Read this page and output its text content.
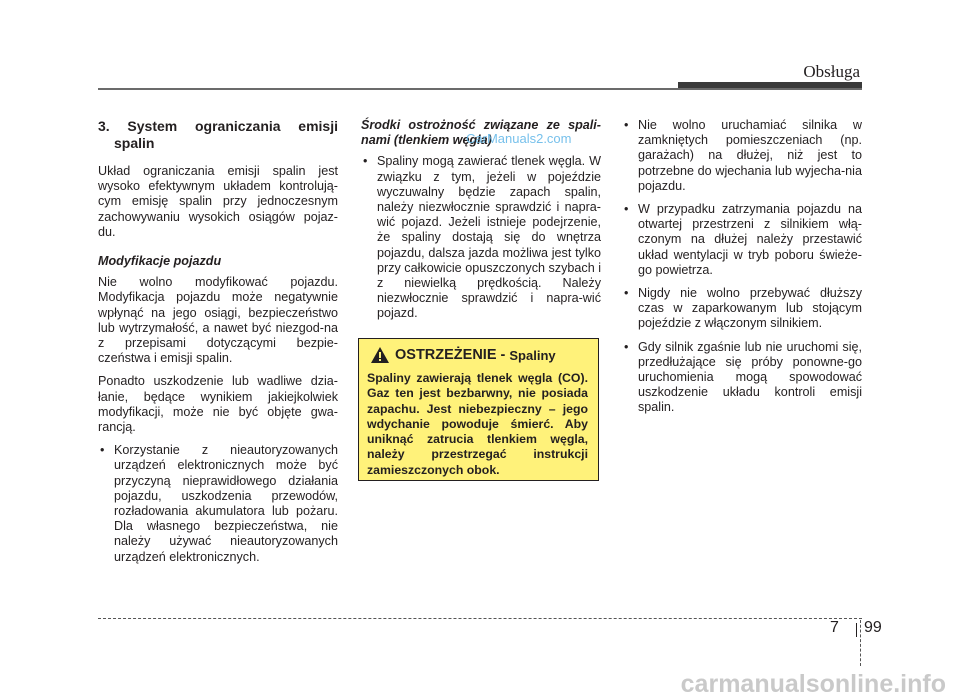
Obsługa

3. System ograniczania emisji spalin

Układ ograniczania emisji spalin jest wysoko efektywnym układem kontrolują-cym emisję spalin przy jednoczesnym zachowywaniu wysokich osiągów pojaz-du.

Modyfikacje pojazdu

Nie wolno modyfikować pojazdu. Modyfikacja pojazdu może negatywnie wpłynąć na jego osiągi, bezpieczeństwo lub wytrzymałość, a nawet być niezgod-na z przepisami dotyczącymi bezpie-czeństwa i emisji spalin.

Ponadto uszkodzenie lub wadliwe dzia-łanie, będące wynikiem jakiejkolwiek modyfikacji, może nie być objęte gwa-rancją.

• Korzystanie z nieautoryzowanych urządzeń elektronicznych może być przyczyną nieprawidłowego działania pojazdu, uszkodzenia przewodów, rozładowania akumulatora lub pożaru. Dla własnego bezpieczeństwa, nie należy używać nieautoryzowanych urządzeń elektronicznych.

Środki ostrożność związane ze spali-nami (tlenkiem węgla)

• Spaliny mogą zawierać tlenek węgla. W związku z tym, jeżeli w pojeździe wyczuwalny będzie zapach spalin, należy niezwłocznie sprawdzić i napra-wić pojazd. Jeżeli istnieje podejrzenie, że spaliny dostają się do wnętrza pojazdu, dalsza jazda możliwa jest tylko przy całkowicie opuszczonych szybach i z niewielką prędkością. Należy niezwłocznie sprawdzić i napra-wić pojazd.
CarManuals2.com
OSTRZEŻENIE - Spaliny
Spaliny zawierają tlenek węgla (CO). Gaz ten jest bezbarwny, nie posiada zapachu. Jest niebezpieczny – jego wdychanie powoduje śmierć. Aby uniknąć zatrucia tlenkiem węgla, należy przestrzegać instrukcji zamieszczonych obok.
• Nie wolno uruchamiać silnika w zamkniętych pomieszczeniach (np. garażach) na dłużej, niż jest to potrzebne do wjechania lub wyjecha-nia pojazdu.
• W przypadku zatrzymania pojazdu na otwartej przestrzeni z silnikiem włą-czonym na dłużej należy przestawić układ wentylacji w tryb poboru świeże-go powietrza.
• Nigdy nie wolno przebywać dłuższy czas w zaparkowanym lub stojącym pojeździe z włączonym silnikiem.
• Gdy silnik zgaśnie lub nie uruchomi się, przedłużające się próby ponowne-go uruchomienia mogą spowodować uszkodzenie układu kontroli emisji spalin.
7 99
carmanualsonline.info
